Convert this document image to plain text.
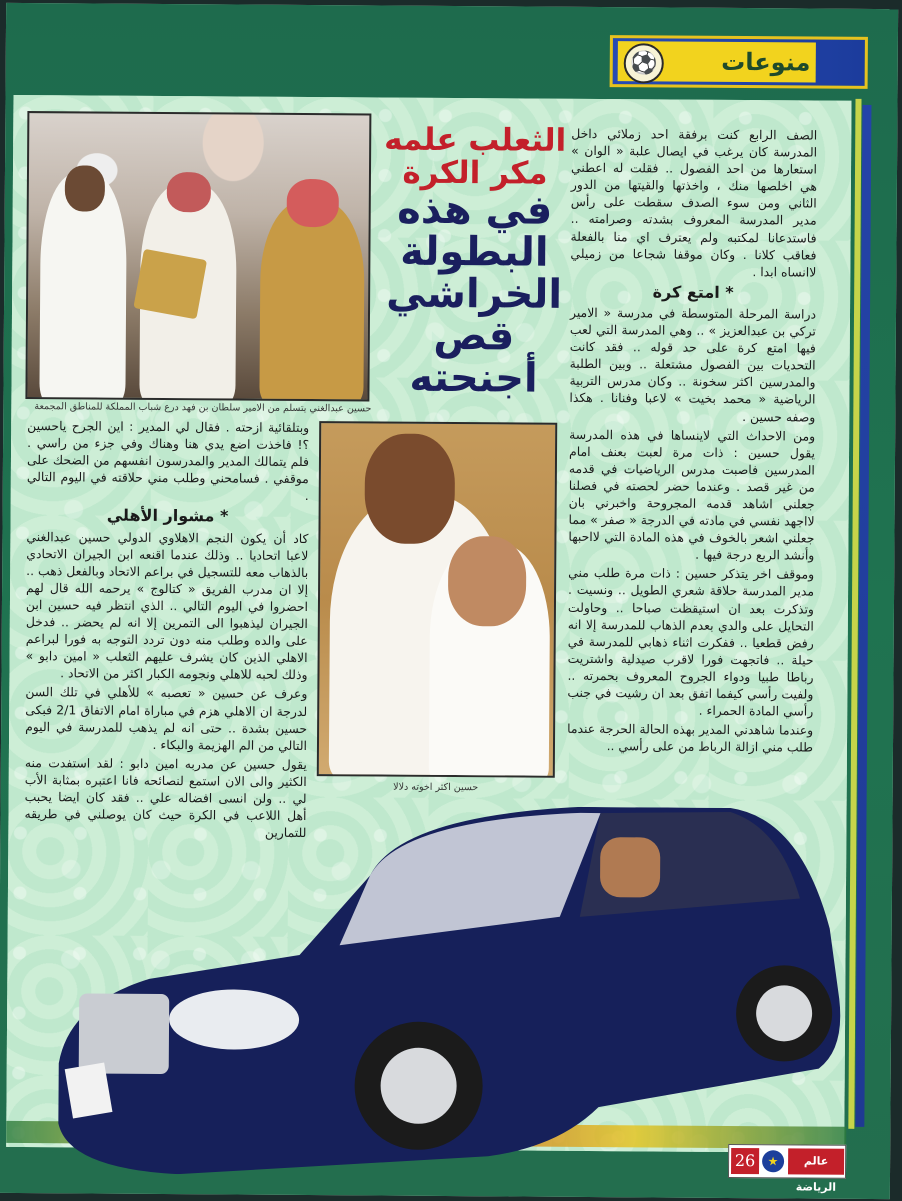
منوعات
⚽
حسين عبدالغني يتسلم من الامير سلطان بن فهد درع شباب المملكة للمناطق المجمعة
الثعلب علمه
مكر الكرة
في هذه
البطولة
الخراشي
قص أجنحته

الصف الرابع كنت برفقة احد زملائي داخل المدرسة كان يرغب في ايصال علبة « الوان » استعارها من احد الفصول .. فقلت له اعطني هي اخلصها منك ، واخذتها والقيتها من الدور الثاني ومن سوء الصدف سقطت على رأس مدير المدرسة المعروف بشدته وصرامته .. فاستدعانا لمكتبه ولم يعترف اي منا بالفعلة فعاقب كلانا . وكان موقفا شجاعا من زميلي لاانساه ابدا .

* امتع كرة

دراسة المرحلة المتوسطة في مدرسة « الامير تركي بن عبدالعزيز » .. وهي المدرسة التي لعب فيها امتع كرة على حد قوله .. فقد كانت التحديات بين الفصول مشتعلة .. وبين الطلبة والمدرسين اكثر سخونة .. وكان مدرس التربية الرياضية « محمد بخيت » لاعبا وفنانا . هكذا وصفه حسين .

ومن الاحداث التي لاينساها في هذه المدرسة يقول حسين : ذات مرة لعبت بعنف امام المدرسين فاصبت مدرس الرياضيات في قدمه من غير قصد . وعندما حضر لحصته في فصلنا جعلني اشاهد قدمه المجروحة واخبرني بان لااجهد نفسي في مادته في الدرجة « صفر » مما جعلني اشعر بالخوف في هذه المادة التي لااحبها وأنشد الربع درجة فيها .

وموقف اخر يتذكر حسين : ذات مرة طلب مني مدير المدرسة حلاقة شعري الطويل .. ونسيت . وتذكرت بعد ان استيقظت صباحا .. وحاولت التحايل على والدي بعدم الذهاب للمدرسة إلا انه رفض قطعيا .. ففكرت اثناء ذهابي للمدرسة في حيلة .. فاتجهت فورا لاقرب صيدلية واشتريت رباطا طبيا ودواء الجروح المعروف بحمرته .. ولفيت رأسي كيفما اتفق بعد ان رشيت في جنب رأسي المادة الحمراء .

وعندما شاهدني المدير بهذه الحالة الحرجة عندما طلب مني ازالة الرباط من على رأسي ..

حسين اكثر اخوته دلالا

وبتلقائية ازحته . فقال لي المدير : اين الجرح ياحسين ؟! فاخذت اضع يدي هنا وهناك وفي جزء من راسي . فلم يتمالك المدير والمدرسون انفسهم من الضحك على موقفي . فسامحني وطلب مني حلاقته في اليوم التالي .

* مشوار الأهلي

كاد أن يكون النجم الاهلاوي الدولي حسين عبدالغني لاعبا اتحاديا .. وذلك عندما اقنعه ابن الجيران الاتحادي بالذهاب معه للتسجيل في براعم الاتحاد وبالفعل ذهب .. إلا ان مدرب الفريق « كتالوج » يرحمه الله قال لهم احضروا في اليوم التالي .. الذي انتظر فيه حسين ابن الجيران ليذهبوا الى التمرين إلا انه لم يحضر .. فدخل على والده وطلب منه دون تردد التوجه به فورا لبراعم الاهلي الذين كان يشرف عليهم الثعلب « امين دابو » وذلك لحبه للاهلي ونجومه الكبار اكثر من الاتحاد .

وعرف عن حسين « تعصبه » للأهلي في تلك السن لدرجة ان الاهلي هزم في مباراة امام الاتفاق 2/1 فبكى حسين بشدة .. حتى انه لم يذهب للمدرسة في اليوم التالي من الم الهزيمة والبكاء .

يقول حسين عن مدربه امين دابو : لقد استفدت منه الكثير والى الان استمع لنصائحه فانا اعتبره بمثابة الأب لي .. ولن انسى افضاله علي .. فقد كان ايضا يحبب أهل اللاعب في الكرة حيث كان يوصلني في طريقه للتمارين

26	★	عالم الرياضة
